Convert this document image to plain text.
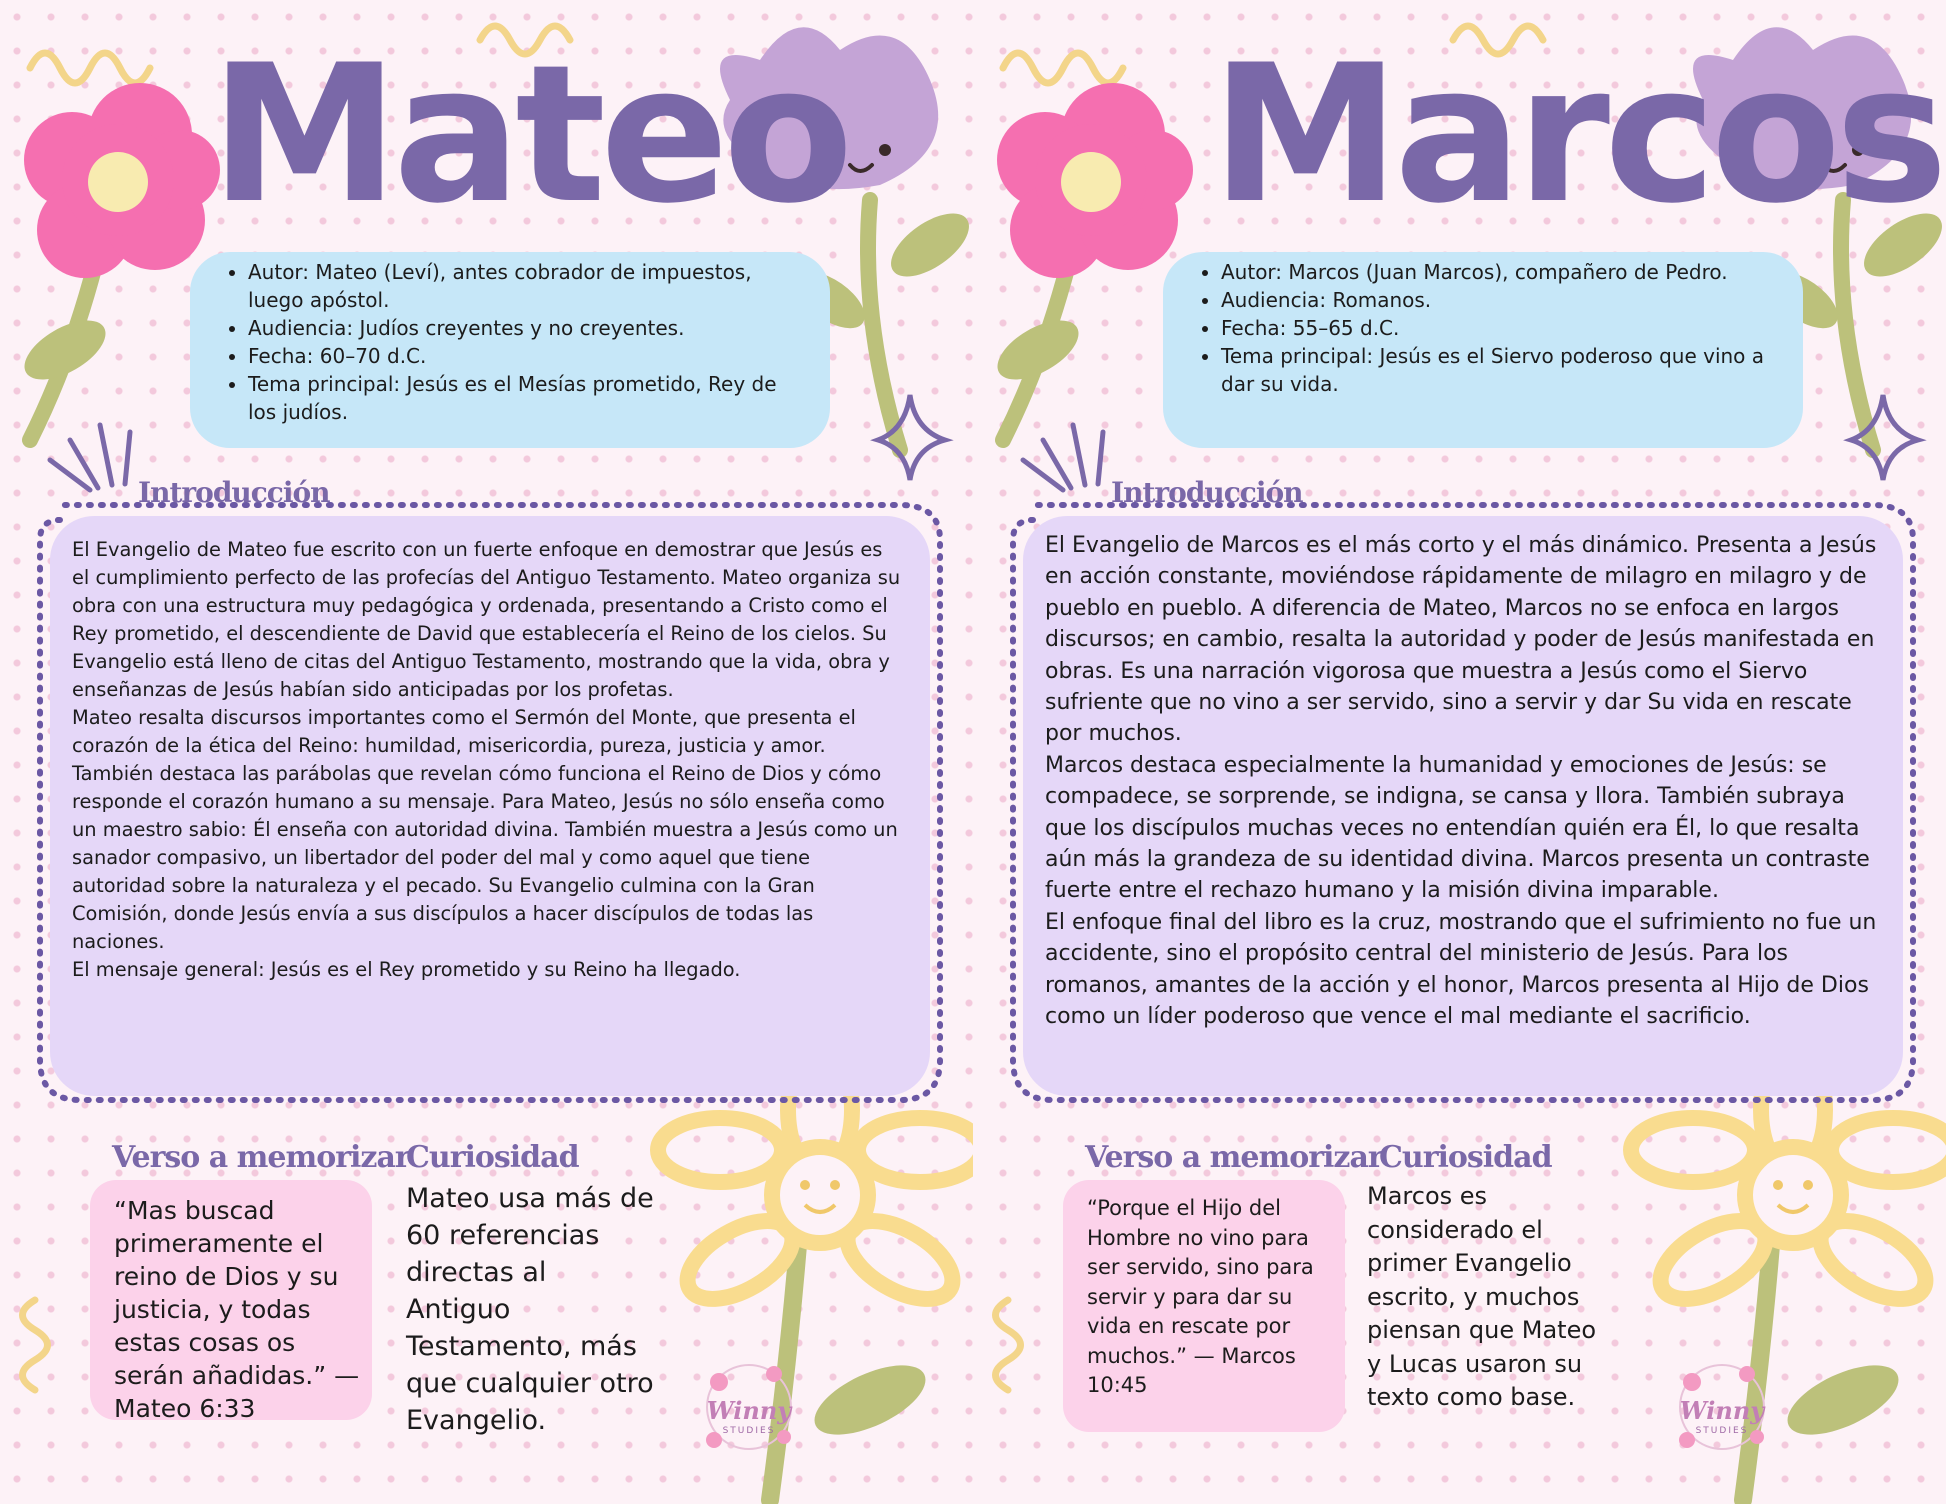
Mateo
• Autor: Mateo (Leví), antes cobrador de impuestos, luego apóstol.
• Audiencia: Judíos creyentes y no creyentes.
• Fecha: 60–70 d.C.
• Tema principal: Jesús es el Mesías prometido, Rey de los judíos.
Introducción

El Evangelio de Mateo fue escrito con un fuerte enfoque en demostrar que Jesús es el cumplimiento perfecto de las profecías del Antiguo Testamento. Mateo organiza su obra con una estructura muy pedagógica y ordenada, presentando a Cristo como el Rey prometido, el descendiente de David que establecería el Reino de los cielos. Su Evangelio está lleno de citas del Antiguo Testamento, mostrando que la vida, obra y enseñanzas de Jesús habían sido anticipadas por los profetas.

Mateo resalta discursos importantes como el Sermón del Monte, que presenta el corazón de la ética del Reino: humildad, misericordia, pureza, justicia y amor. También destaca las parábolas que revelan cómo funciona el Reino de Dios y cómo responde el corazón humano a su mensaje. Para Mateo, Jesús no sólo enseña como un maestro sabio: Él enseña con autoridad divina. También muestra a Jesús como un sanador compasivo, un libertador del poder del mal y como aquel que tiene autoridad sobre la naturaleza y el pecado. Su Evangelio culmina con la Gran Comisión, donde Jesús envía a sus discípulos a hacer discípulos de todas las naciones.

El mensaje general: Jesús es el Rey prometido y su Reino ha llegado.

Verso a memorizar

“Mas buscad primeramente el reino de Dios y su justicia, y todas estas cosas os serán añadidas.” — Mateo 6:33

Curiosidad

Mateo usa más de 60 referencias directas al Antiguo Testamento, más que cualquier otro Evangelio.	Winny
STUDIES
Marcos
• Autor: Marcos (Juan Marcos), compañero de Pedro.
• Audiencia: Romanos.
• Fecha: 55–65 d.C.
• Tema principal: Jesús es el Siervo poderoso que vino a dar su vida.
Introducción

El Evangelio de Marcos es el más corto y el más dinámico. Presenta a Jesús en acción constante, moviéndose rápidamente de milagro en milagro y de pueblo en pueblo. A diferencia de Mateo, Marcos no se enfoca en largos discursos; en cambio, resalta la autoridad y poder de Jesús manifestada en obras. Es una narración vigorosa que muestra a Jesús como el Siervo sufriente que no vino a ser servido, sino a servir y dar Su vida en rescate por muchos.

Marcos destaca especialmente la humanidad y emociones de Jesús: se compadece, se sorprende, se indigna, se cansa y llora. También subraya que los discípulos muchas veces no entendían quién era Él, lo que resalta aún más la grandeza de su identidad divina. Marcos presenta un contraste fuerte entre el rechazo humano y la misión divina imparable.

El enfoque final del libro es la cruz, mostrando que el sufrimiento no fue un accidente, sino el propósito central del ministerio de Jesús. Para los romanos, amantes de la acción y el honor, Marcos presenta al Hijo de Dios como un líder poderoso que vence el mal mediante el sacrificio.

Verso a memorizar

“Porque el Hijo del Hombre no vino para ser servido, sino para servir y para dar su vida en rescate por muchos.” — Marcos 10:45

Curiosidad

Marcos es considerado el primer Evangelio escrito, y muchos piensan que Mateo y Lucas usaron su texto como base.	Winny
STUDIES
